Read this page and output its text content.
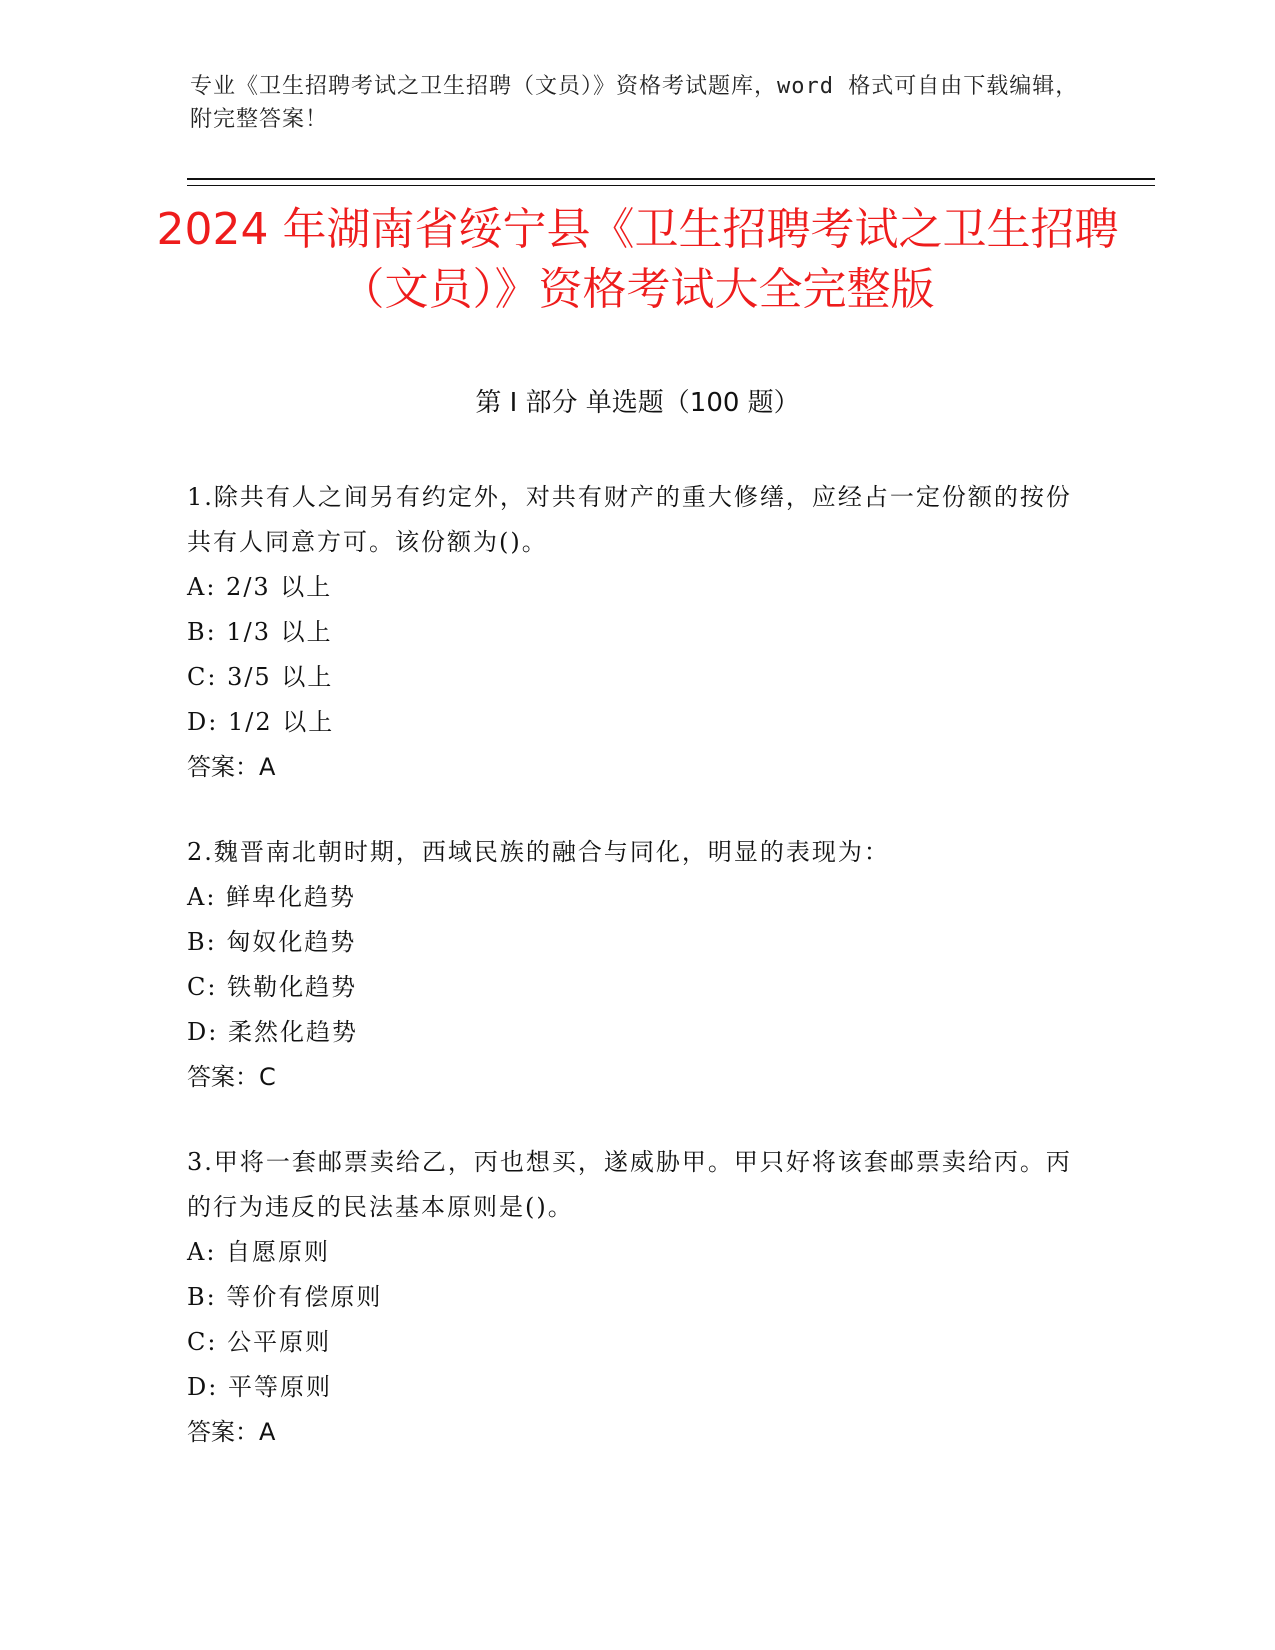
专业《卫生招聘考试之卫生招聘（文员）》资格考试题库，word 格式可自由下载编辑，附完整答案！
2024 年湖南省绥宁县《卫生招聘考试之卫生招聘（文员）》资格考试大全完整版
第 I 部分 单选题（100 题）
1.除共有人之间另有约定外，对共有财产的重大修缮，应经占一定份额的按份共有人同意方可。该份额为()。
A: 2/3 以上
B: 1/3 以上
C: 3/5 以上
D: 1/2 以上
答案：A
2.魏晋南北朝时期，西域民族的融合与同化，明显的表现为：
A: 鲜卑化趋势
B: 匈奴化趋势
C: 铁勒化趋势
D: 柔然化趋势
答案：C
3.甲将一套邮票卖给乙，丙也想买，遂威胁甲。甲只好将该套邮票卖给丙。丙的行为违反的民法基本原则是()。
A: 自愿原则
B: 等价有偿原则
C: 公平原则
D: 平等原则
答案：A
